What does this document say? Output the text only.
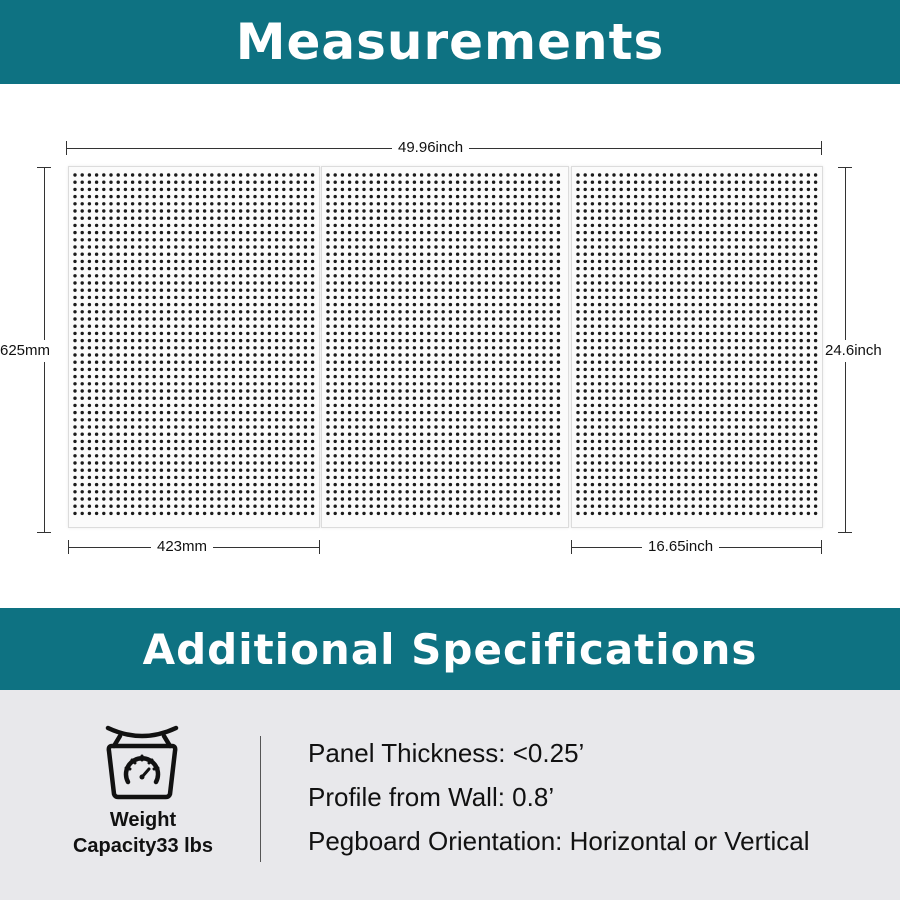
Measurements
49.96inch
625mm	24.6inch
423mm	16.65inch
Additional Specifications
Weight
Capacity33 lbs
Panel Thickness: <0.25’
Profile from Wall: 0.8’
Pegboard Orientation: Horizontal or Vertical
